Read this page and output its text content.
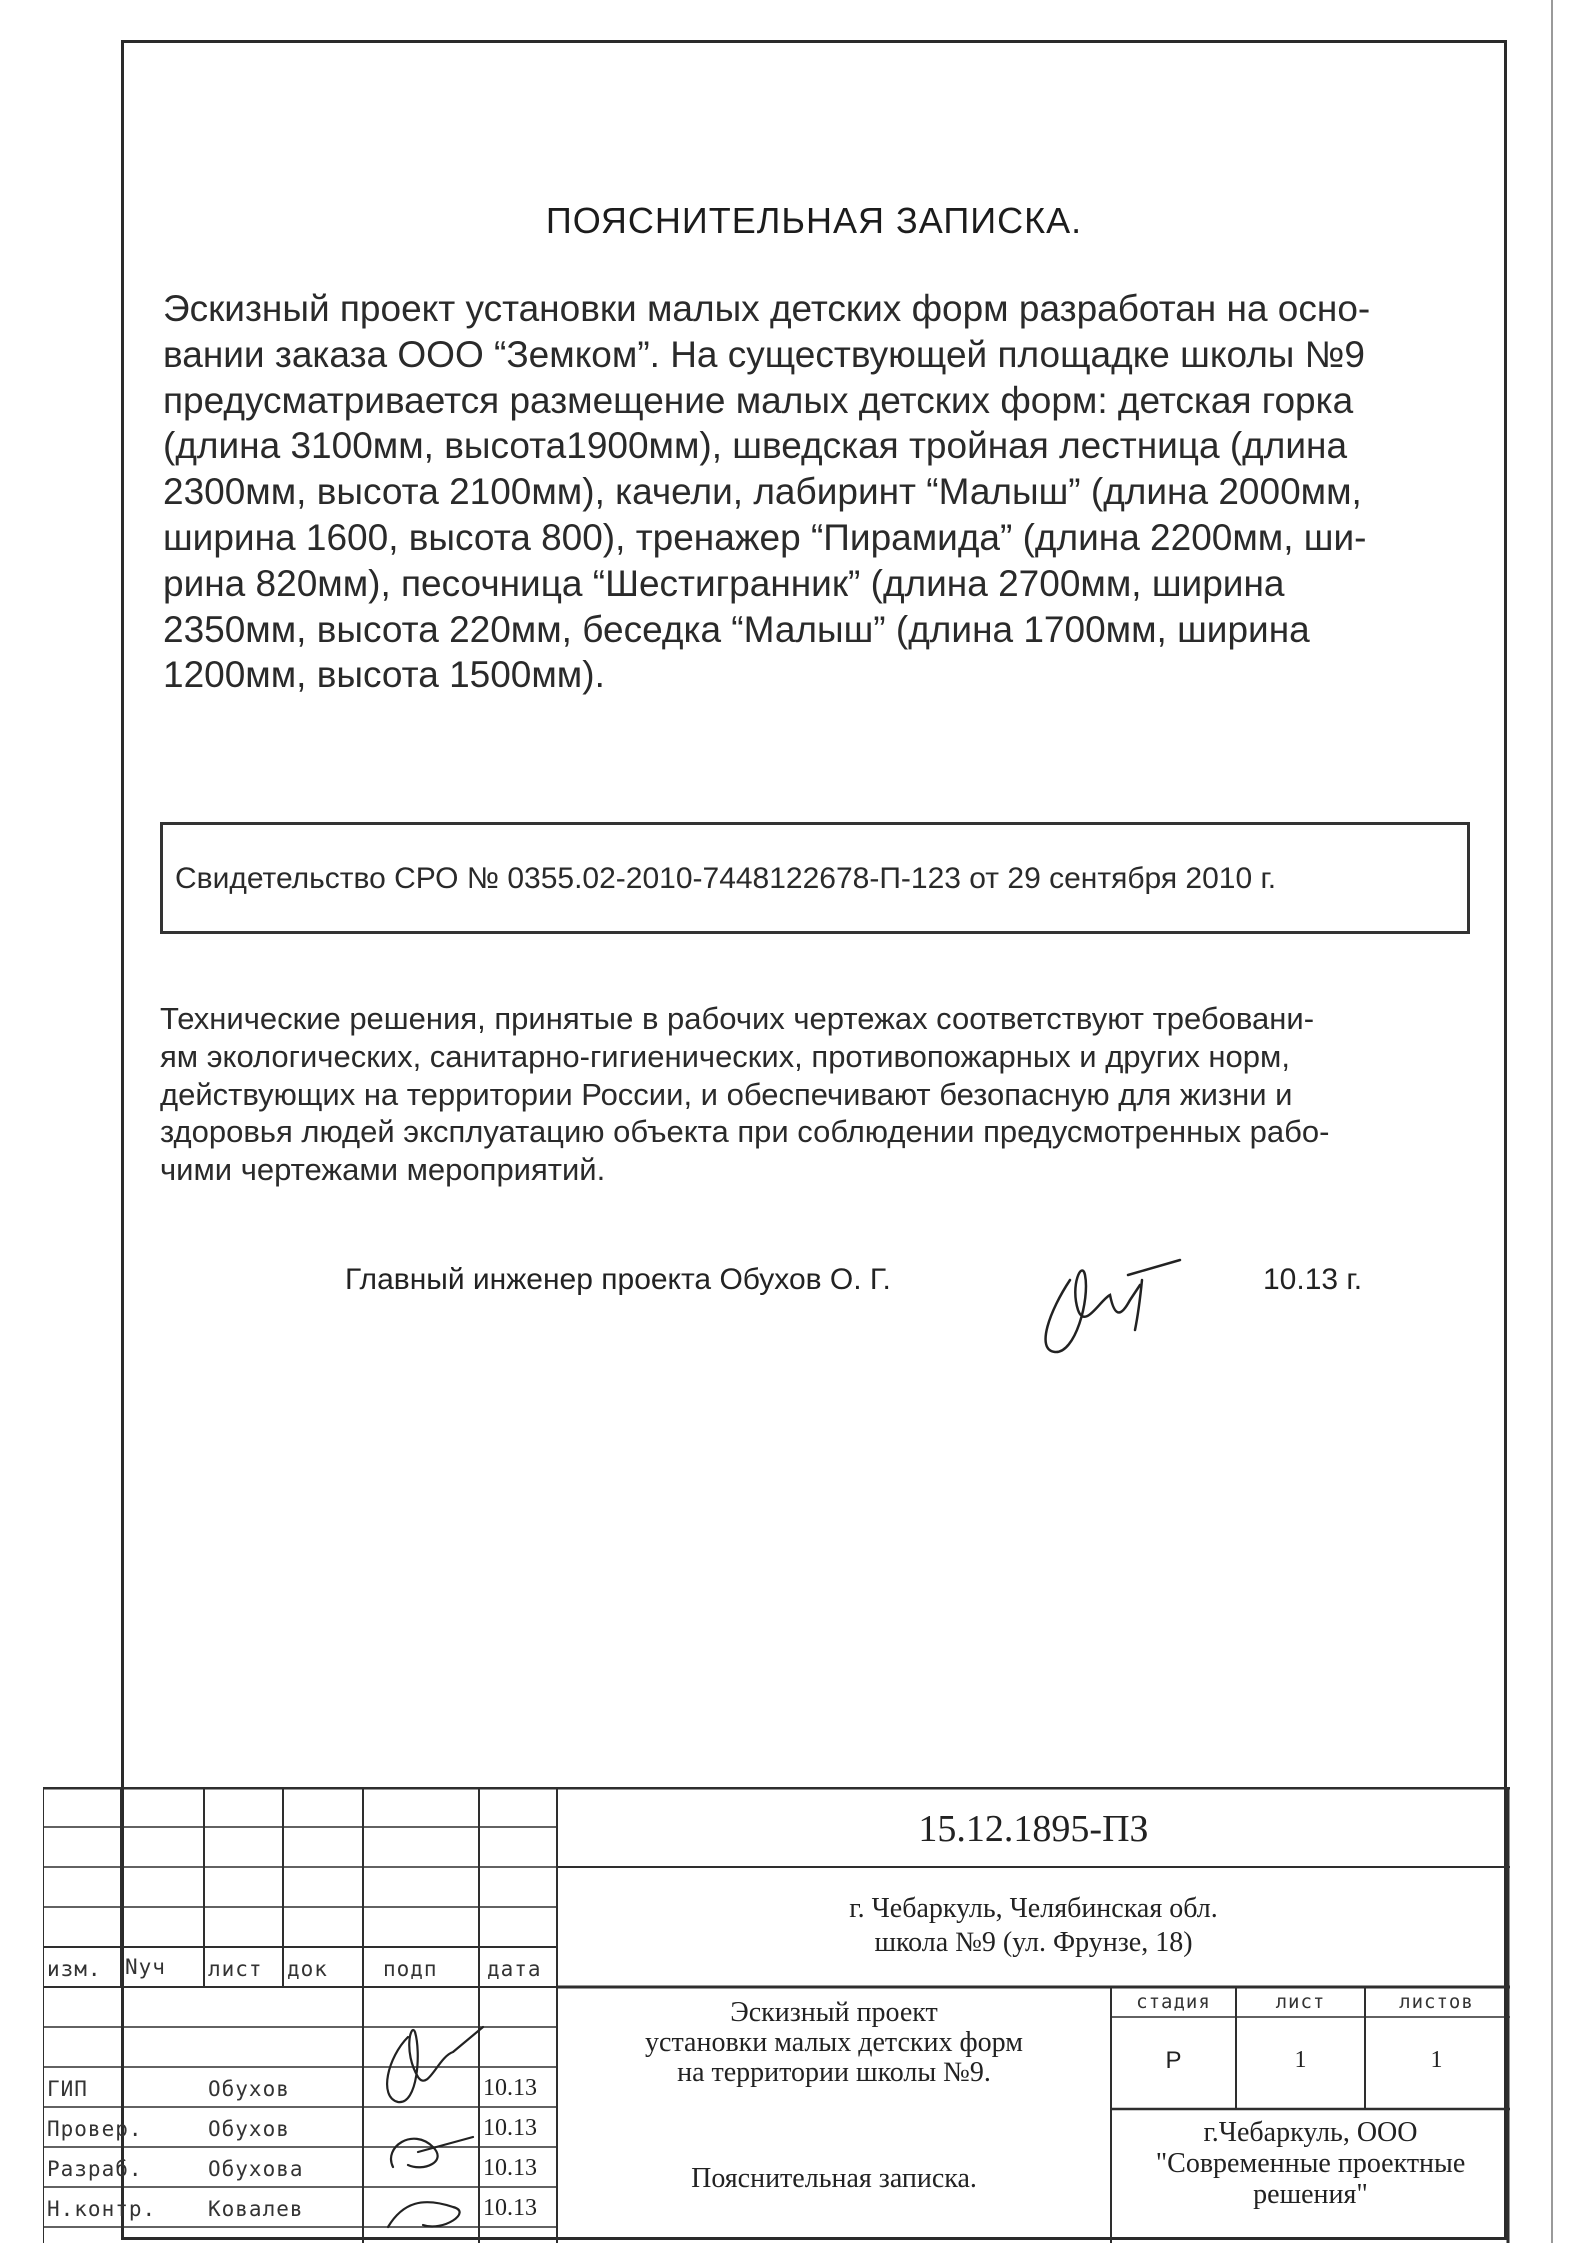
ПОЯСНИТЕЛЬНАЯ ЗАПИСКА.
Эскизный проект установки малых детских форм разработан на осно-
вании заказа ООО “Земком”. На существующей площадке школы №9
предусматривается размещение малых детских форм: детская горка
(длина 3100мм, высота1900мм), шведская тройная лестница (длина
2300мм, высота 2100мм), качели, лабиринт “Малыш” (длина 2000мм,
ширина 1600, высота 800), тренажер “Пирамида” (длина 2200мм, ши-
рина 820мм), песочница “Шестигранник” (длина 2700мм, ширина
2350мм, высота 220мм, беседка “Малыш” (длина 1700мм, ширина
1200мм, высота 1500мм).
Свидетельство СРО № 0355.02-2010-7448122678-П-123 от 29 сентября 2010 г.
Технические решения, принятые в рабочих чертежах соответствуют требовани-
ям экологических, санитарно-гигиенических, противопожарных и других норм,
действующих на территории России, и обеспечивают безопасную для жизни и
здоровья людей эксплуатацию объекта при соблюдении предусмотренных рабо-
чими чертежами мероприятий.
Главный инженер проекта Обухов О. Г.	10.13 г.
15.12.1895-ПЗ
г. Чебаркуль, Челябинская обл.
школа №9 (ул. Фрунзе, 18)
изм. Nуч лист док	подп дата
ГИП	Обухов	10.13
Провер.	Обухов	10.13
Разраб.	Обухова	10.13
Н.контр. Ковалев	10.13
Эскизный проект
установки малых детских форм
на территории школы №9.
стадия	лист	листов
Р	1	1
Пояснительная записка.
г.Чебаркуль, ООО
"Современные проектные
решения"
